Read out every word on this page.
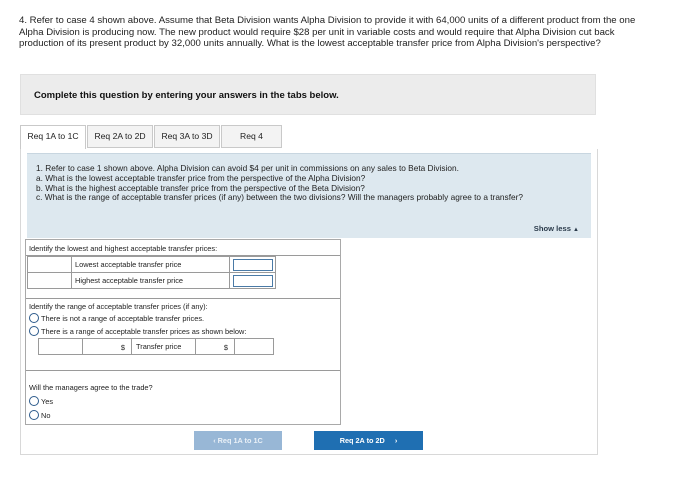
4. Refer to case 4 shown above. Assume that Beta Division wants Alpha Division to provide it with 64,000 units of a different product from the one Alpha Division is producing now. The new product would require $28 per unit in variable costs and would require that Alpha Division cut back production of its present product by 32,000 units annually. What is the lowest acceptable transfer price from Alpha Division's perspective?
Complete this question by entering your answers in the tabs below.
Req 1A to 1C	Req 2A to 2D	Req 3A to 3D	Req 4
1. Refer to case 1 shown above. Alpha Division can avoid $4 per unit in commissions on any sales to Beta Division.
a. What is the lowest acceptable transfer price from the perspective of the Alpha Division?
b. What is the highest acceptable transfer price from the perspective of the Beta Division?
c. What is the range of acceptable transfer prices (if any) between the two divisions? Will the managers probably agree to a transfer?
Show less ▲
Identify the lowest and highest acceptable transfer prices:
Lowest acceptable transfer price
Highest acceptable transfer price
Identify the range of acceptable transfer prices (if any):
There is not a range of acceptable transfer prices.
There is a range of acceptable transfer prices as shown below:
$ Transfer price	$
Will the managers agree to the trade?
Yes
No
‹ Req 1A to 1C	Req 2A to 2D ›
